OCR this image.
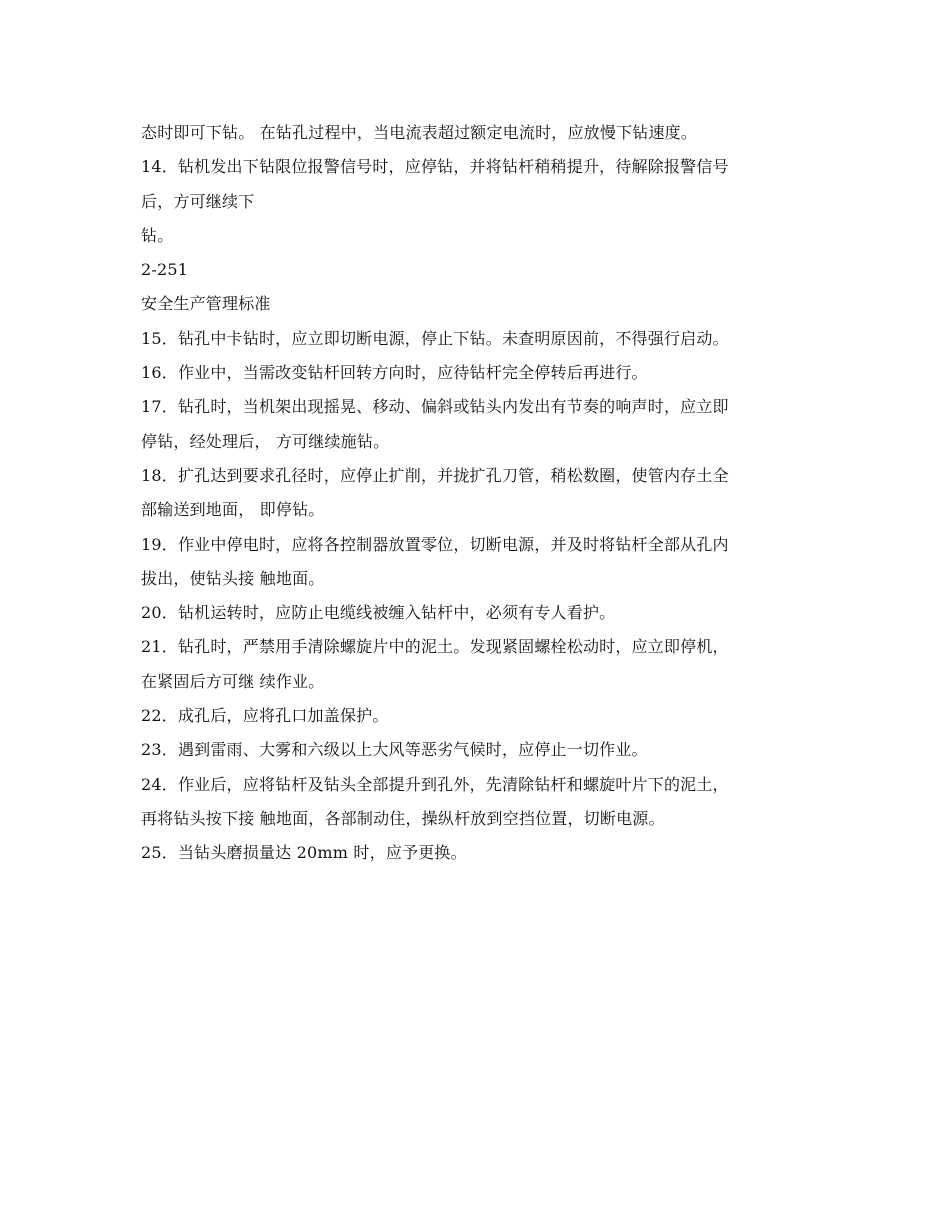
态时即可下钻。 在钻孔过程中，当电流表超过额定电流时，应放慢下钻速度。
14．钻机发出下钻限位报警信号时，应停钻，并将钻杆稍稍提升，待解除报警信号
后，方可继续下
钻。
2-251
安全生产管理标准
15．钻孔中卡钻时，应立即切断电源，停止下钻。未查明原因前，不得强行启动。
16．作业中，当需改变钻杆回转方向时，应待钻杆完全停转后再进行。
17．钻孔时，当机架出现摇晃、移动、偏斜或钻头内发出有节奏的响声时，应立即
停钻，经处理后， 方可继续施钻。
18．扩孔达到要求孔径时，应停止扩削，并拢扩孔刀管，稍松数圈，使管内存土全
部输送到地面， 即停钻。
19．作业中停电时，应将各控制器放置零位，切断电源，并及时将钻杆全部从孔内
拔出，使钻头接 触地面。
20．钻机运转时，应防止电缆线被缠入钻杆中，必须有专人看护。
21．钻孔时，严禁用手清除螺旋片中的泥土。发现紧固螺栓松动时，应立即停机，
在紧固后方可继 续作业。
22．成孔后，应将孔口加盖保护。
23．遇到雷雨、大雾和六级以上大风等恶劣气候时，应停止一切作业。
24．作业后，应将钻杆及钻头全部提升到孔外，先清除钻杆和螺旋叶片下的泥土，
再将钻头按下接 触地面，各部制动住，操纵杆放到空挡位置，切断电源。
25．当钻头磨损量达 20mm 时，应予更换。
